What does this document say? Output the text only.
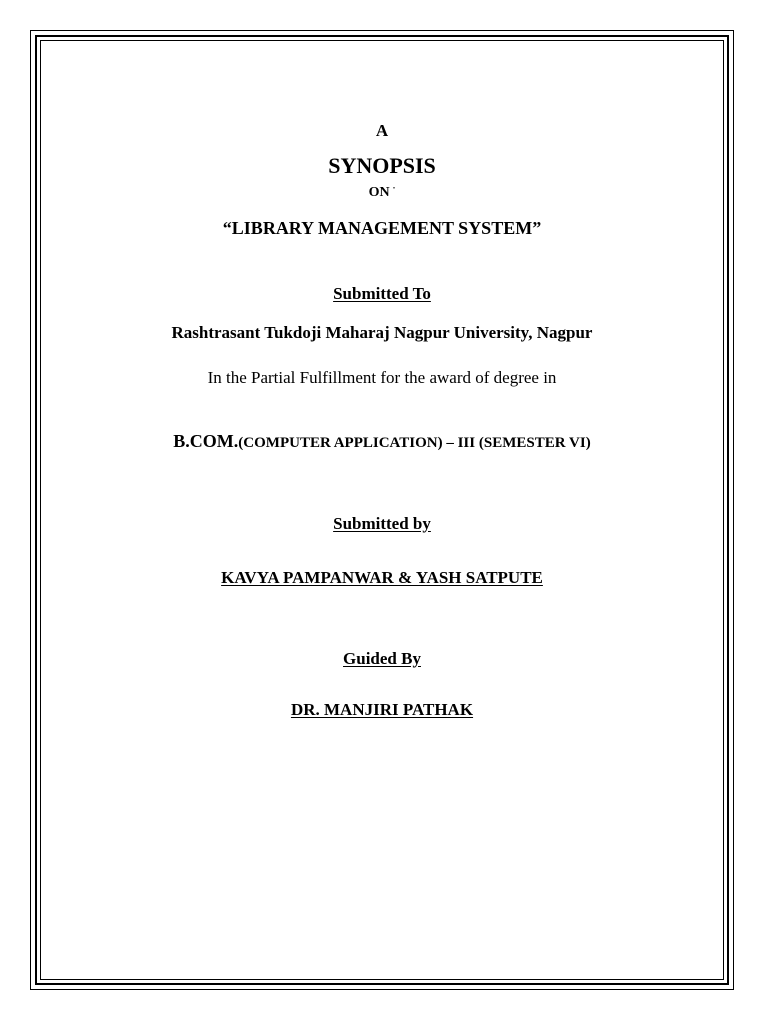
A
SYNOPSIS
ON "
“LIBRARY MANAGEMENT SYSTEM”
Submitted To
Rashtrasant Tukdoji Maharaj Nagpur University, Nagpur
In the Partial Fulfillment for the award of degree in
B.COM.(COMPUTER APPLICATION) – III (SEMESTER VI)
Submitted by
KAVYA PAMPANWAR & YASH SATPUTE
Guided By
DR. MANJIRI PATHAK
